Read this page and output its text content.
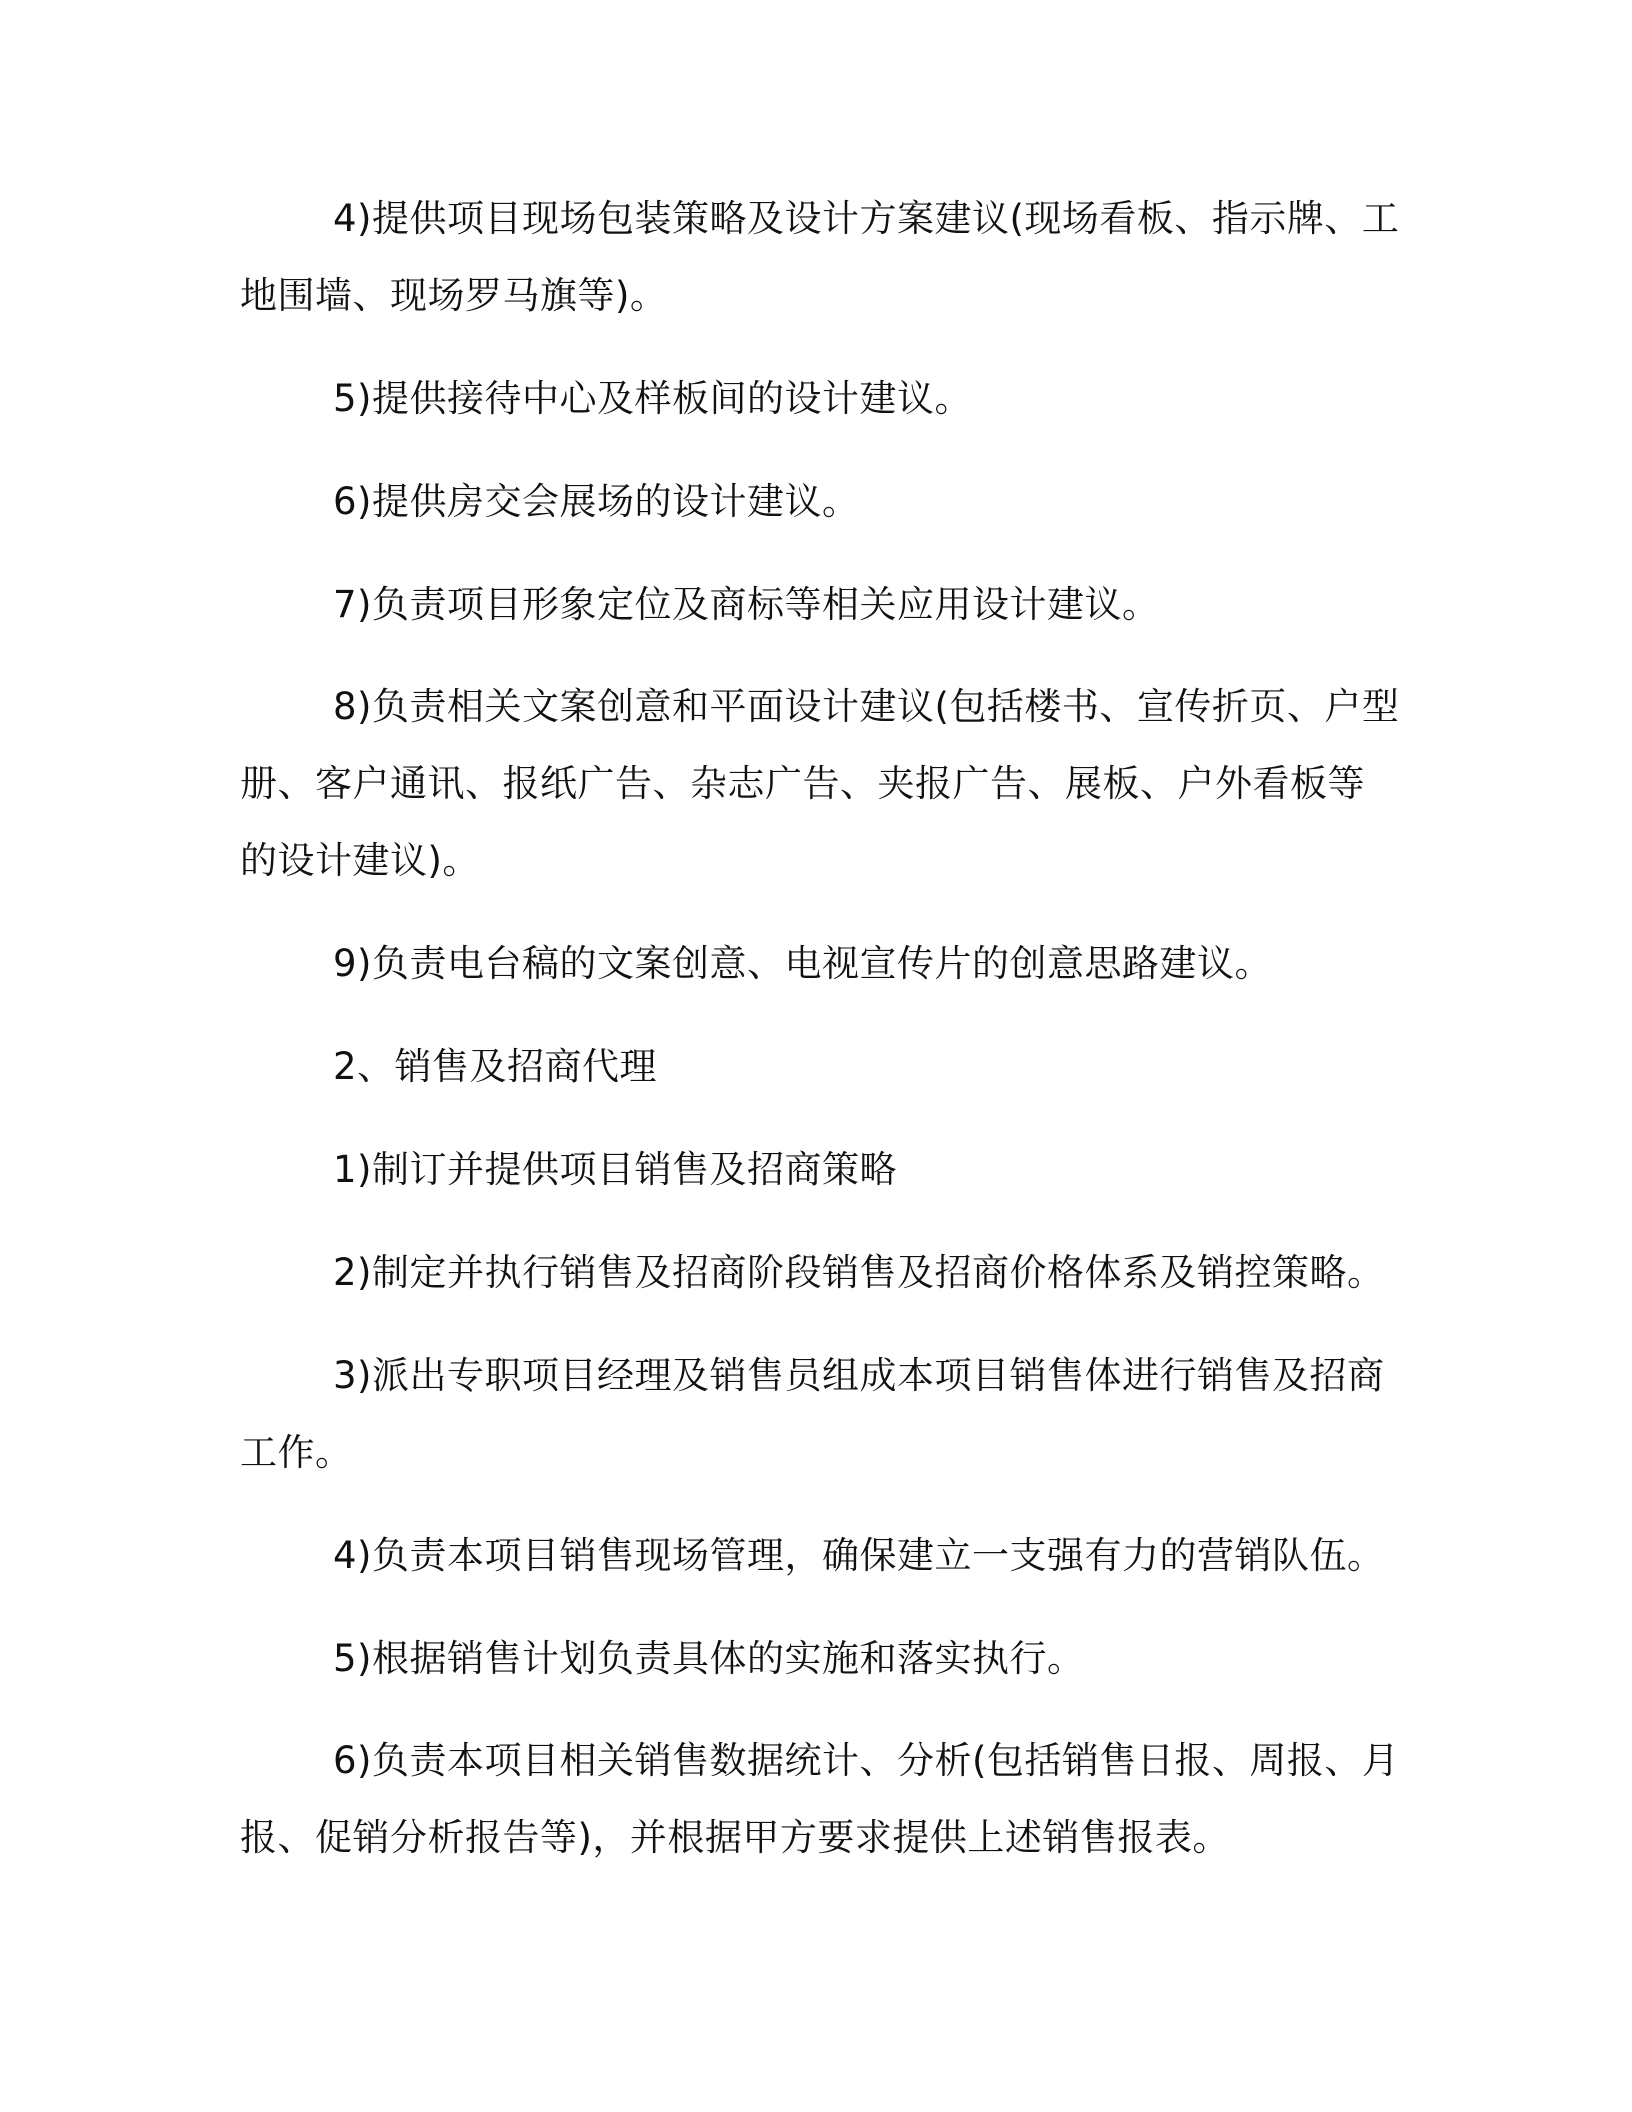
4)提供项目现场包装策略及设计方案建议(现场看板、指示牌、工地围墙、现场罗马旗等)。

5)提供接待中心及样板间的设计建议。

6)提供房交会展场的设计建议。

7)负责项目形象定位及商标等相关应用设计建议。

8)负责相关文案创意和平面设计建议(包括楼书、宣传折页、户型册、客户通讯、报纸广告、杂志广告、夹报广告、展板、户外看板等的设计建议)。

9)负责电台稿的文案创意、电视宣传片的创意思路建议。

2、销售及招商代理

1)制订并提供项目销售及招商策略

2)制定并执行销售及招商阶段销售及招商价格体系及销控策略。

3)派出专职项目经理及销售员组成本项目销售体进行销售及招商工作。

4)负责本项目销售现场管理，确保建立一支强有力的营销队伍。

5)根据销售计划负责具体的实施和落实执行。

6)负责本项目相关销售数据统计、分析(包括销售日报、周报、月报、促销分析报告等)，并根据甲方要求提供上述销售报表。
